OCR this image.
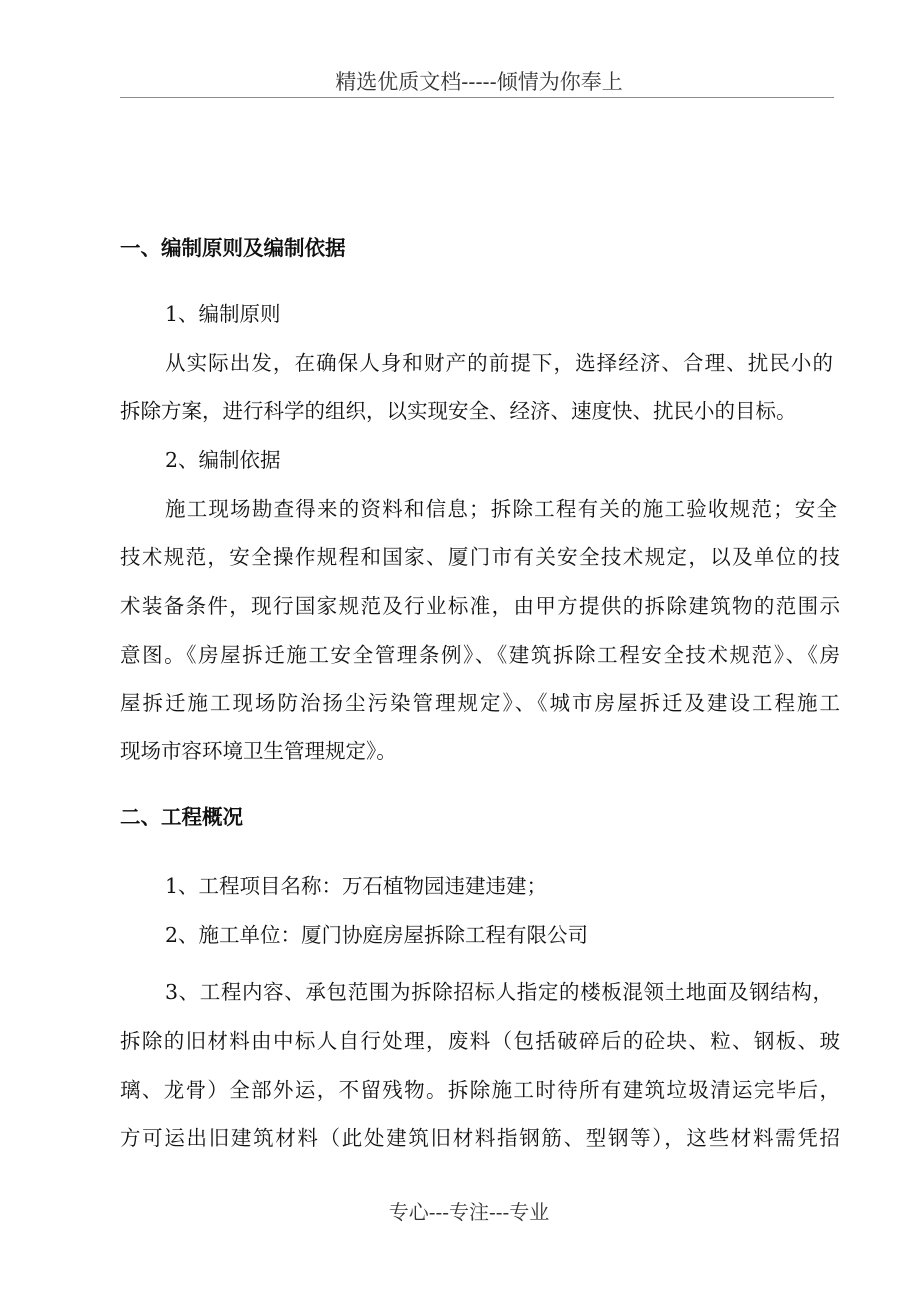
精选优质文档-----倾情为你奉上
一、编制原则及编制依据
1、编制原则
从实际出发，在确保人身和财产的前提下，选择经济、合理、扰民小的
拆除方案，进行科学的组织，以实现安全、经济、速度快、扰民小的目标。
2、编制依据
施工现场勘查得来的资料和信息；拆除工程有关的施工验收规范；安全
技术规范，安全操作规程和国家、厦门市有关安全技术规定，以及单位的技
术装备条件，现行国家规范及行业标准，由甲方提供的拆除建筑物的范围示
意图。《房屋拆迁施工安全管理条例》、《建筑拆除工程安全技术规范》、《房
屋拆迁施工现场防治扬尘污染管理规定》、《城市房屋拆迁及建设工程施工
现场市容环境卫生管理规定》。
二、工程概况
1、工程项目名称：万石植物园违建违建；
2、施工单位：厦门协庭房屋拆除工程有限公司
3、工程内容、承包范围为拆除招标人指定的楼板混领土地面及钢结构，
拆除的旧材料由中标人自行处理，废料（包括破碎后的砼块、粒、钢板、玻
璃、龙骨）全部外运，不留残物。拆除施工时待所有建筑垃圾清运完毕后，
方可运出旧建筑材料（此处建筑旧材料指钢筋、型钢等），这些材料需凭招
专心---专注---专业
